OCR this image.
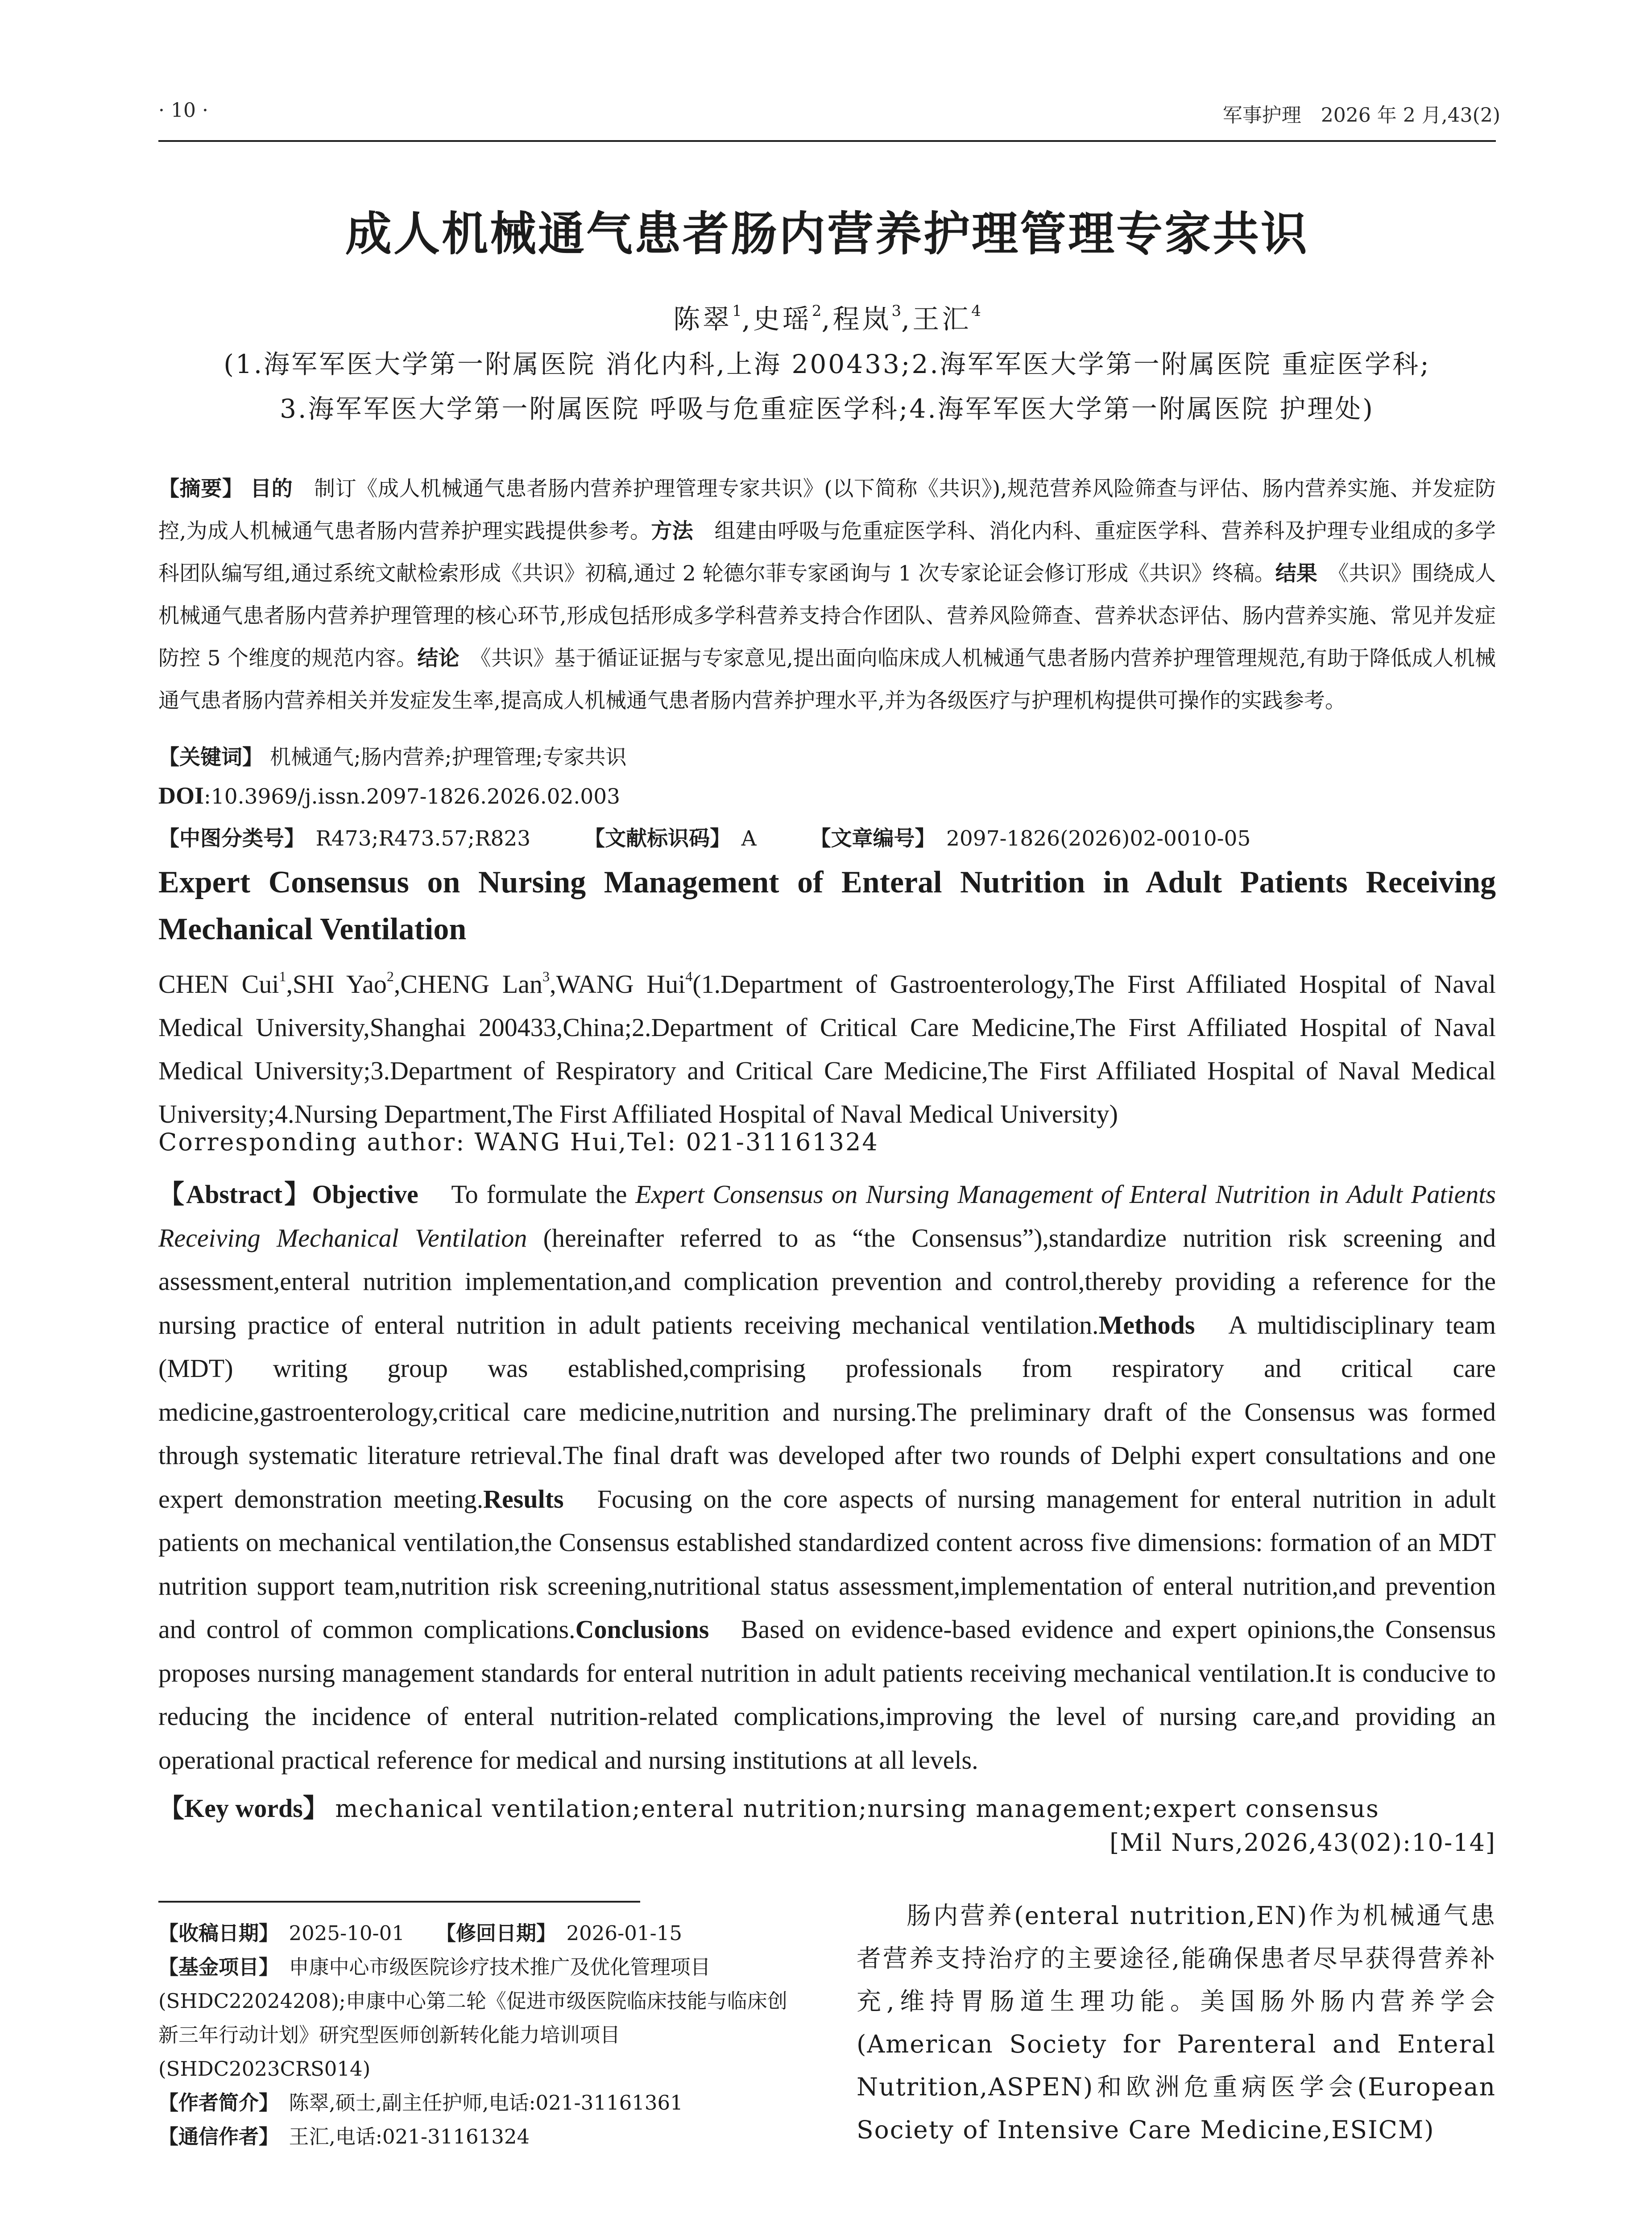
· 10 ·	军事护理　2026 年 2 月,43(2)
成人机械通气患者肠内营养护理管理专家共识
陈翠$^1$,史瑶$^2$,程岚$^3$,王汇$^4$
(1.海军军医大学第一附属医院 消化内科,上海 200433;2.海军军医大学第一附属医院 重症医学科;
3.海军军医大学第一附属医院 呼吸与危重症医学科;4.海军军医大学第一附属医院 护理处)
【摘要】 目的　 制订《成人机械通气患者肠内营养护理管理专家共识》(以下简称《共识》),规范营养风险筛查与评估、肠内营养实施、并发症防控,为成人机械通气患者肠内营养护理实践提供参考。方法　 组建由呼吸与危重症医学科、消化内科、重症医学科、营养科及护理专业组成的多学科团队编写组,通过系统文献检索形成《共识》初稿,通过 2 轮德尔菲专家函询与 1 次专家论证会修订形成《共识》终稿。结果　 《共识》围绕成人机械通气患者肠内营养护理管理的核心环节,形成包括形成多学科营养支持合作团队、营养风险筛查、营养状态评估、肠内营养实施、常见并发症防控 5 个维度的规范内容。结论　 《共识》基于循证证据与专家意见,提出面向临床成人机械通气患者肠内营养护理管理规范,有助于降低成人机械通气患者肠内营养相关并发症发生率,提高成人机械通气患者肠内营养护理水平,并为各级医疗与护理机构提供可操作的实践参考。
【关键词】 机械通气;肠内营养;护理管理;专家共识
DOI:10.3969/j.issn.2097-1826.2026.02.003
【中图分类号】　 R473;R473.57;R823	【文献标识码】　 A	【文章编号】　 2097-1826(2026)02-0010-05
Expert Consensus on Nursing Management of Enteral Nutrition in Adult Patients Receiving Mechanical Ventilation
CHEN Cui$^1$,SHI Yao$^2$,CHENG Lan$^3$,WANG Hui$^4$(1.Department of Gastroenterology,The First Affiliated Hospital of Naval Medical University,Shanghai 200433,China;2.Department of Critical Care Medicine,The First Affiliated Hospital of Naval Medical University;3.Department of Respiratory and Critical Care Medicine,The First Affiliated Hospital of Naval Medical University;4.Nursing Department,The First Affiliated Hospital of Naval Medical University)
Corresponding author: WANG Hui,Tel: 021-31161324
【Abstract】Objective To formulate the Expert Consensus on Nursing Management of Enteral Nutrition in Adult Patients Receiving Mechanical Ventilation (hereinafter referred to as “the Consensus”),standardize nutrition risk screening and assessment,enteral nutrition implementation,and complication prevention and control,thereby providing a reference for the nursing practice of enteral nutrition in adult patients receiving mechanical ventilation.Methods A multidisciplinary team (MDT) writing group was established,comprising professionals from respiratory and critical care medicine,gastroenterology,critical care medicine,nutrition and nursing.The preliminary draft of the Consensus was formed through systematic literature retrieval.The final draft was developed after two rounds of Delphi expert consultations and one expert demonstration meeting.Results Focusing on the core aspects of nursing management for enteral nutrition in adult patients on mechanical ventilation,the Consensus established standardized content across five dimensions: formation of an MDT nutrition support team,nutrition risk screening,nutritional status assessment,implementation of enteral nutrition,and prevention and control of common complications.Conclusions Based on evidence-based evidence and expert opinions,the Consensus proposes nursing management standards for enteral nutrition in adult patients receiving mechanical ventilation.It is conducive to reducing the incidence of enteral nutrition-related complications,improving the level of nursing care,and providing an operational practical reference for medical and nursing institutions at all levels.
【Key words】 mechanical ventilation;enteral nutrition;nursing management;expert consensus
[Mil Nurs,2026,43(02):10-14]
【收稿日期】　 2025-10-01 【修回日期】　 2026-01-15
【基金项目】　 申康中心市级医院诊疗技术推广及优化管理项目(SHDC22024208);申康中心第二轮《促进市级医院临床技能与临床创新三年行动计划》研究型医师创新转化能力培训项目(SHDC2023CRS014)
【作者简介】　 陈翠,硕士,副主任护师,电话:021-31161361
【通信作者】　 王汇,电话:021-31161324

肠内营养(enteral nutrition,EN)作为机械通气患者营养支持治疗的主要途径,能确保患者尽早获得营养补充,维持胃肠道生理功能。美国肠外肠内营养学会(American Society for Parenteral and Enteral Nutrition,ASPEN)和欧洲危重病医学会(European Society of Intensive Care Medicine,ESICM)
